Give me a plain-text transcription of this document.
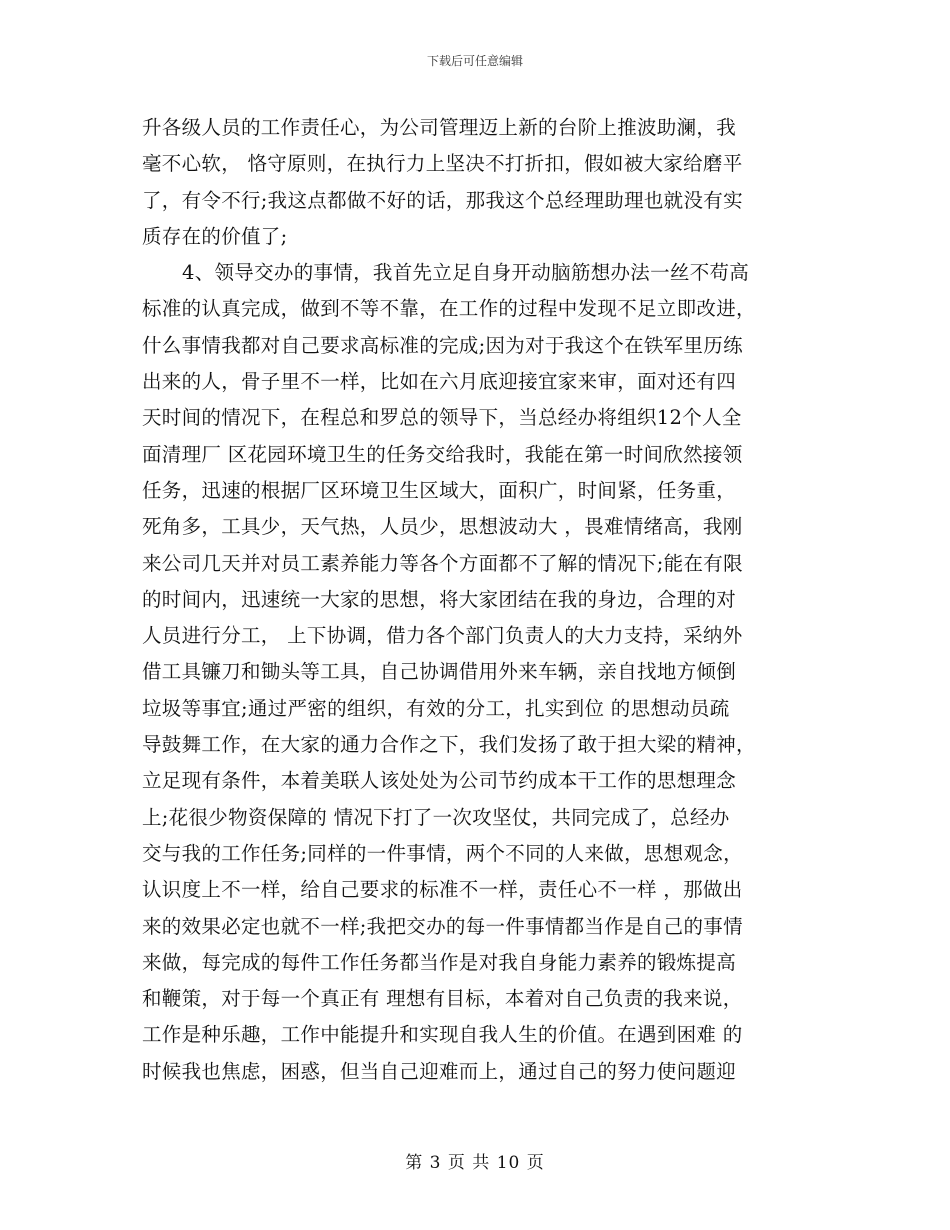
下载后可任意编辑
升各级人员的工作责任心，为公司管理迈上新的台阶上推波助澜，我
毫不心软， 恪守原则，在执行力上坚决不打折扣，假如被大家给磨平
了，有令不行;我这点都做不好的话，那我这个总经理助理也就没有实
质存在的价值了;
4、领导交办的事情，我首先立足自身开动脑筋想办法一丝不苟高
标准的认真完成，做到不等不靠，在工作的过程中发现不足立即改进，
什么事情我都对自己要求高标准的完成;因为对于我这个在铁军里历练
出来的人，骨子里不一样，比如在六月底迎接宜家来审，面对还有四
天时间的情况下，在程总和罗总的领导下，当总经办将组织12个人全
面清理厂 区花园环境卫生的任务交给我时，我能在第一时间欣然接领
任务，迅速的根据厂区环境卫生区域大，面积广，时间紧，任务重，
死角多，工具少，天气热，人员少，思想波动大 ，畏难情绪高，我刚
来公司几天并对员工素养能力等各个方面都不了解的情况下;能在有限
的时间内，迅速统一大家的思想，将大家团结在我的身边，合理的对
人员进行分工， 上下协调，借力各个部门负责人的大力支持，采纳外
借工具镰刀和锄头等工具，自己协调借用外来车辆，亲自找地方倾倒
垃圾等事宜;通过严密的组织，有效的分工，扎实到位 的思想动员疏
导鼓舞工作，在大家的通力合作之下，我们发扬了敢于担大梁的精神，
立足现有条件，本着美联人该处处为公司节约成本干工作的思想理念
上;花很少物资保障的 情况下打了一次攻坚仗，共同完成了，总经办
交与我的工作任务;同样的一件事情，两个不同的人来做，思想观念，
认识度上不一样，给自己要求的标准不一样，责任心不一样 ，那做出
来的效果必定也就不一样;我把交办的每一件事情都当作是自己的事情
来做，每完成的每件工作任务都当作是对我自身能力素养的锻炼提高
和鞭策，对于每一个真正有 理想有目标，本着对自己负责的我来说，
工作是种乐趣，工作中能提升和实现自我人生的价值。在遇到困难 的
时候我也焦虑，困惑，但当自己迎难而上，通过自己的努力使问题迎
第 3 页 共 10 页
